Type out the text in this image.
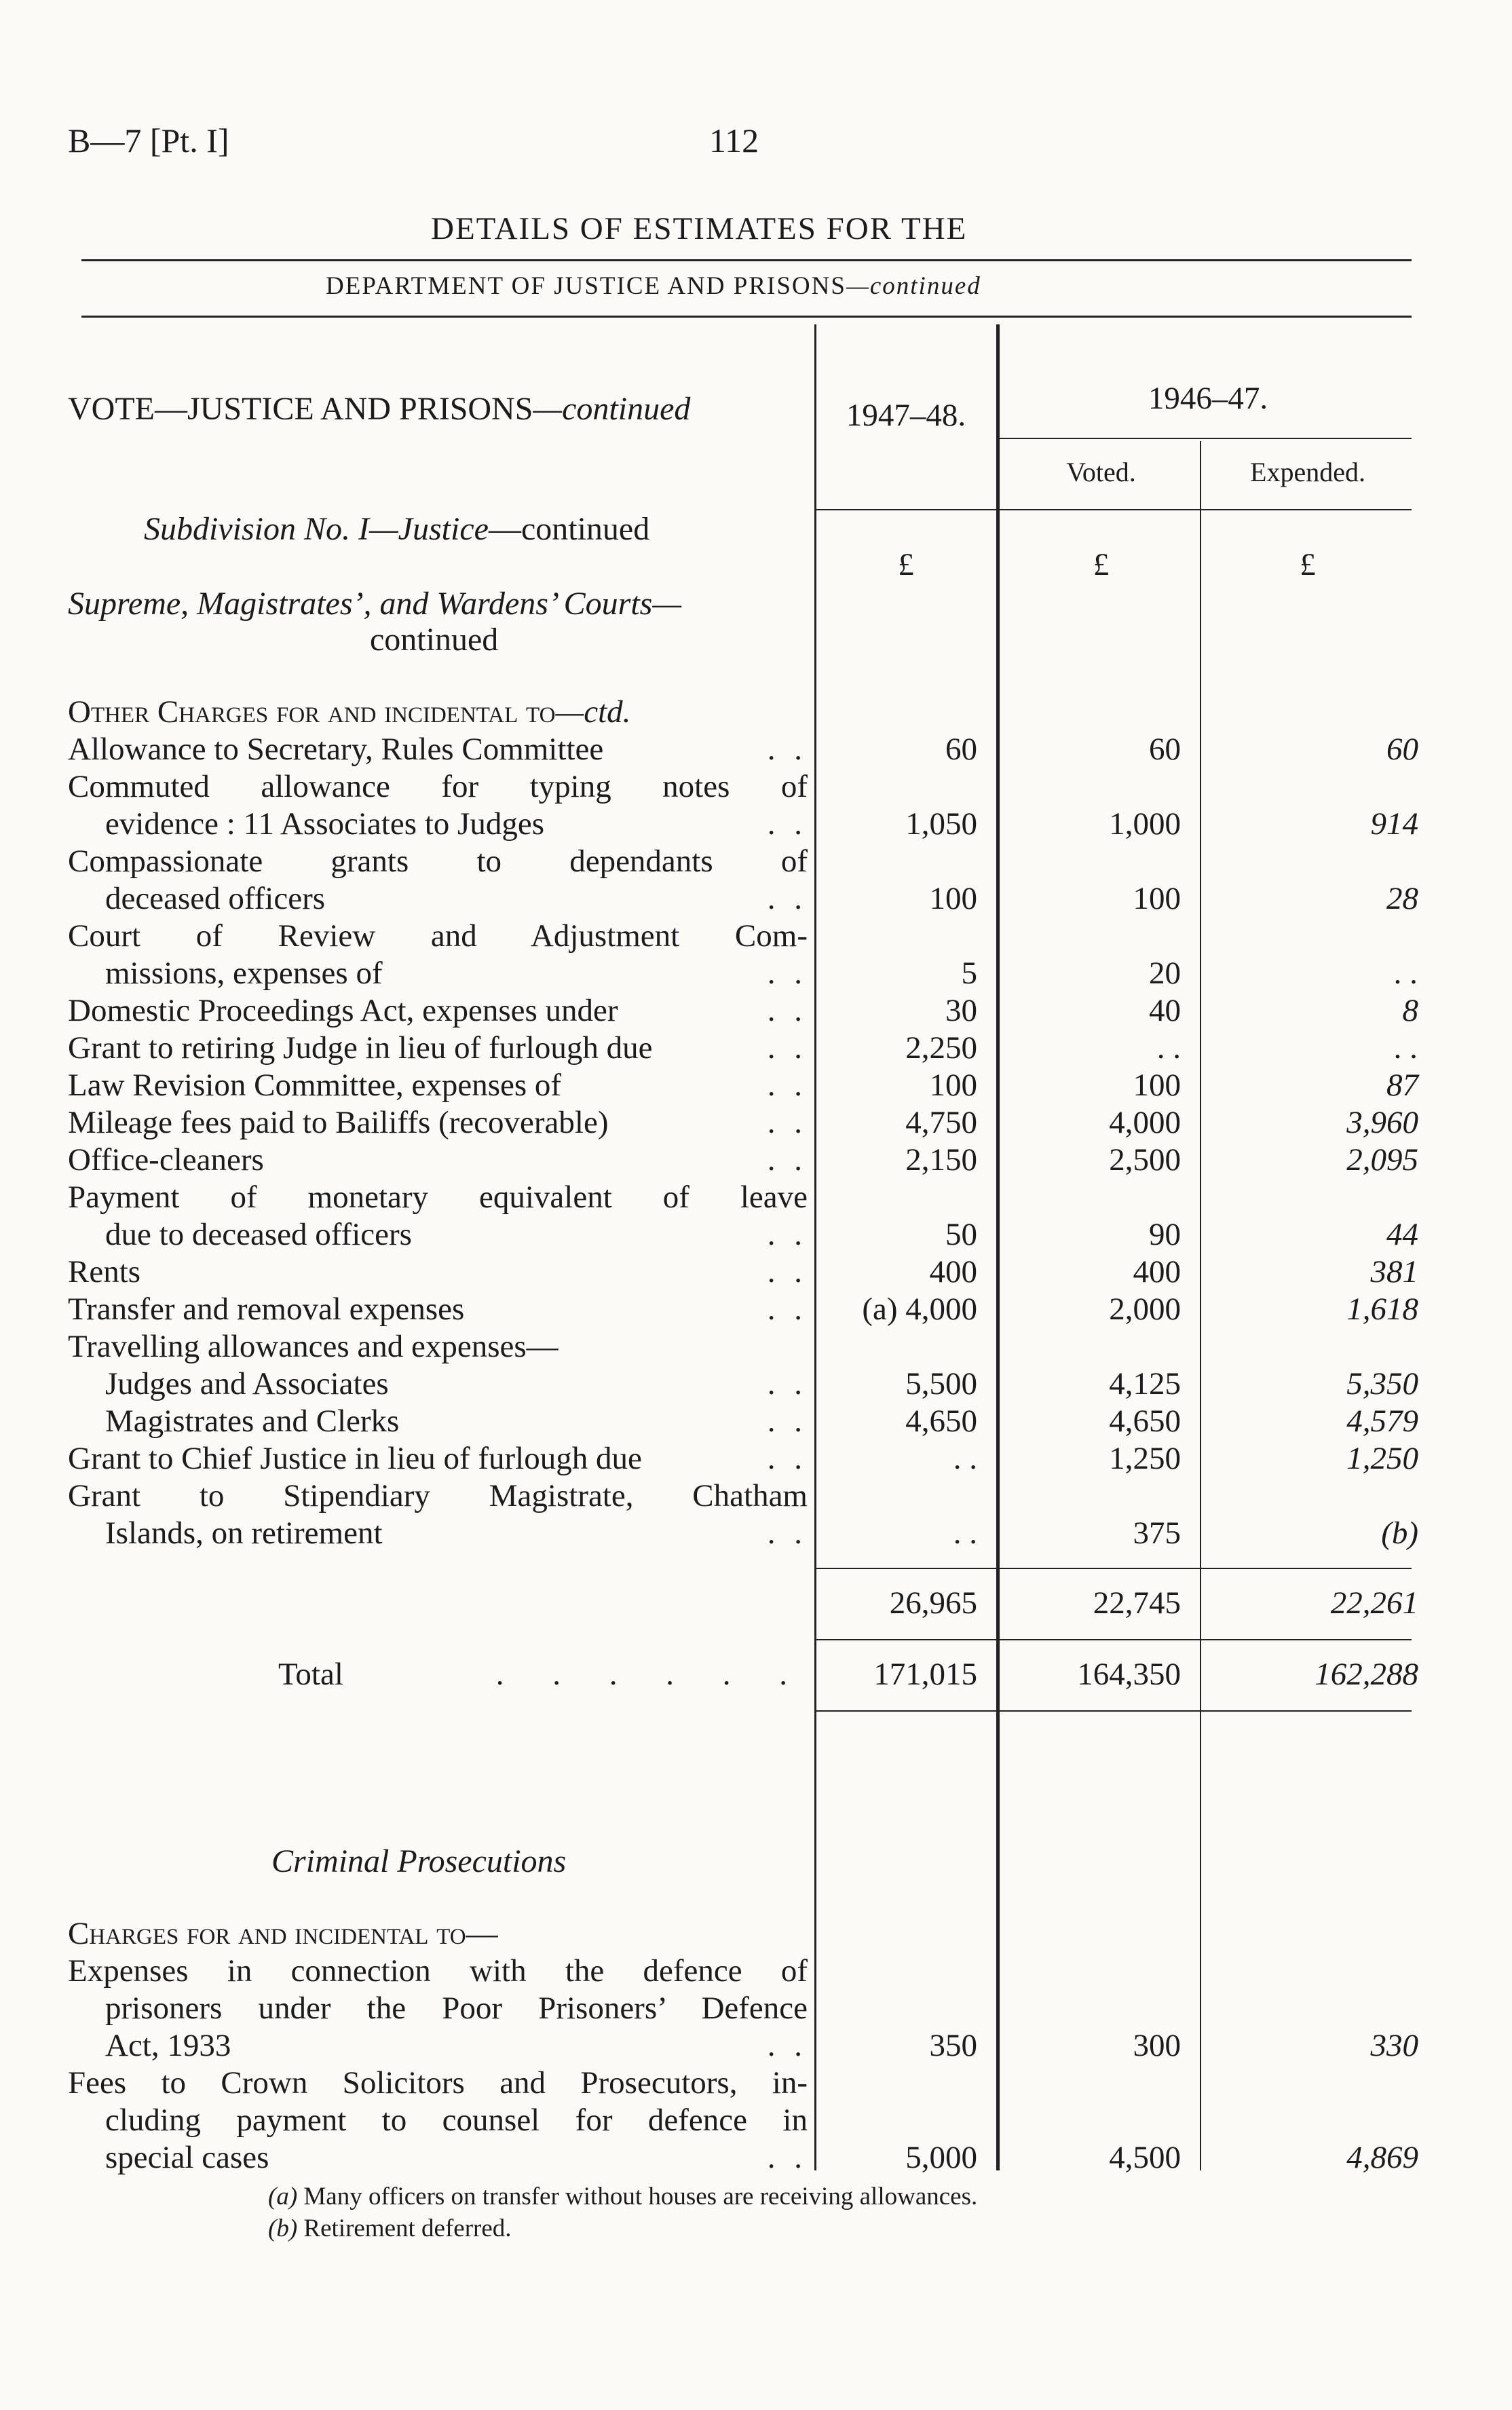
B—7 [Pt. I]	112
DETAILS OF ESTIMATES FOR THE
DEPARTMENT OF JUSTICE AND PRISONS—continued
VOTE—JUSTICE AND PRISONS—continued	1947–48.	1946–47.
Voted.	Expended.
Subdivision No. I—Justice—continued
£	£	£
Supreme, Magistrates’, and Wardens’ Courts—
continued
Other Charges for and incidental to—ctd.
Allowance to Secretary, Rules Committee	. .	60	60	60
Commuted allowance for typing notes of
evidence : 11 Associates to Judges	. .	1,050	1,000	914
Compassionate grants to dependants of
deceased officers	. .	100	100	28
Court of Review and Adjustment Com-
missions, expenses of	. .	5	20	. .
Domestic Proceedings Act, expenses under	. .	30	40	8
Grant to retiring Judge in lieu of furlough due	. .	2,250	. .	. .
Law Revision Committee, expenses of	. .	100	100	87
Mileage fees paid to Bailiffs (recoverable)	. .	4,750	4,000	3,960
Office-cleaners	. .	2,150	2,500	2,095
Payment of monetary equivalent of leave
due to deceased officers	. .	50	90	44
Rents	. .	400	400	381
Transfer and removal expenses	. .	(a) 4,000	2,000	1,618
Travelling allowances and expenses—
Judges and Associates	. .	5,500	4,125	5,350
Magistrates and Clerks	. .	4,650	4,650	4,579
Grant to Chief Justice in lieu of furlough due	. .	. .	1,250	1,250
Grant to Stipendiary Magistrate, Chatham
Islands, on retirement	. .	. .	375	(b)
26,965	22,745	22,261
Total	. . . . . .	171,015	164,350	162,288
Criminal Prosecutions
Charges for and incidental to—
Expenses in connection with the defence of
prisoners under the Poor Prisoners’ Defence
Act, 1933	. .	350	300	330
Fees to Crown Solicitors and Prosecutors, in-
cluding payment to counsel for defence in
special cases	. .	5,000	4,500	4,869
(a) Many officers on transfer without houses are receiving allowances.
(b) Retirement deferred.
